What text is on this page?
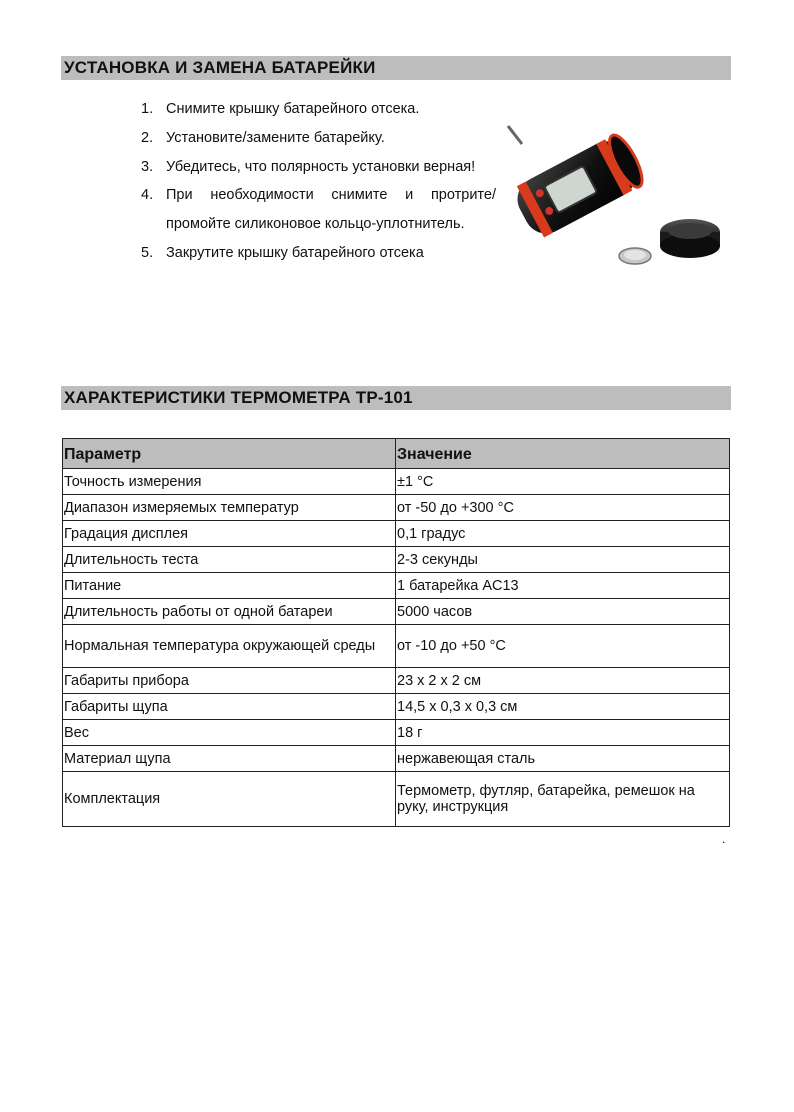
УСТАНОВКА И ЗАМЕНА БАТАРЕЙКИ
1. Снимите крышку батарейного отсека.
2. Установите/замените батарейку.
3. Убедитесь, что полярность установки верная!
4. При необходимости снимите и протрите/промойте силиконовое кольцо-уплотнитель.
5. Закрутите крышку батарейного отсека
ХАРАКТЕРИСТИКИ ТЕРМОМЕТРА TP-101
Параметр	Значение
Точность измерения	±1 °С
Диапазон измеряемых температур	от -50 до +300 °С
Градация дисплея	0,1 градус
Длительность теста	2-3 секунды
Питание	1 батарейка AC13
Длительность работы от одной батареи	5000 часов
Нормальная температура окружающей среды	от -10 до +50 °С
Габариты прибора	23 х 2 х 2 см
Габариты щупа	14,5 х 0,3 х 0,3 см
Вес	18 г
Материал щупа	нержавеющая сталь
Комплектация	Термометр, футляр, батарейка, ремешок на руку, инструкция
.
